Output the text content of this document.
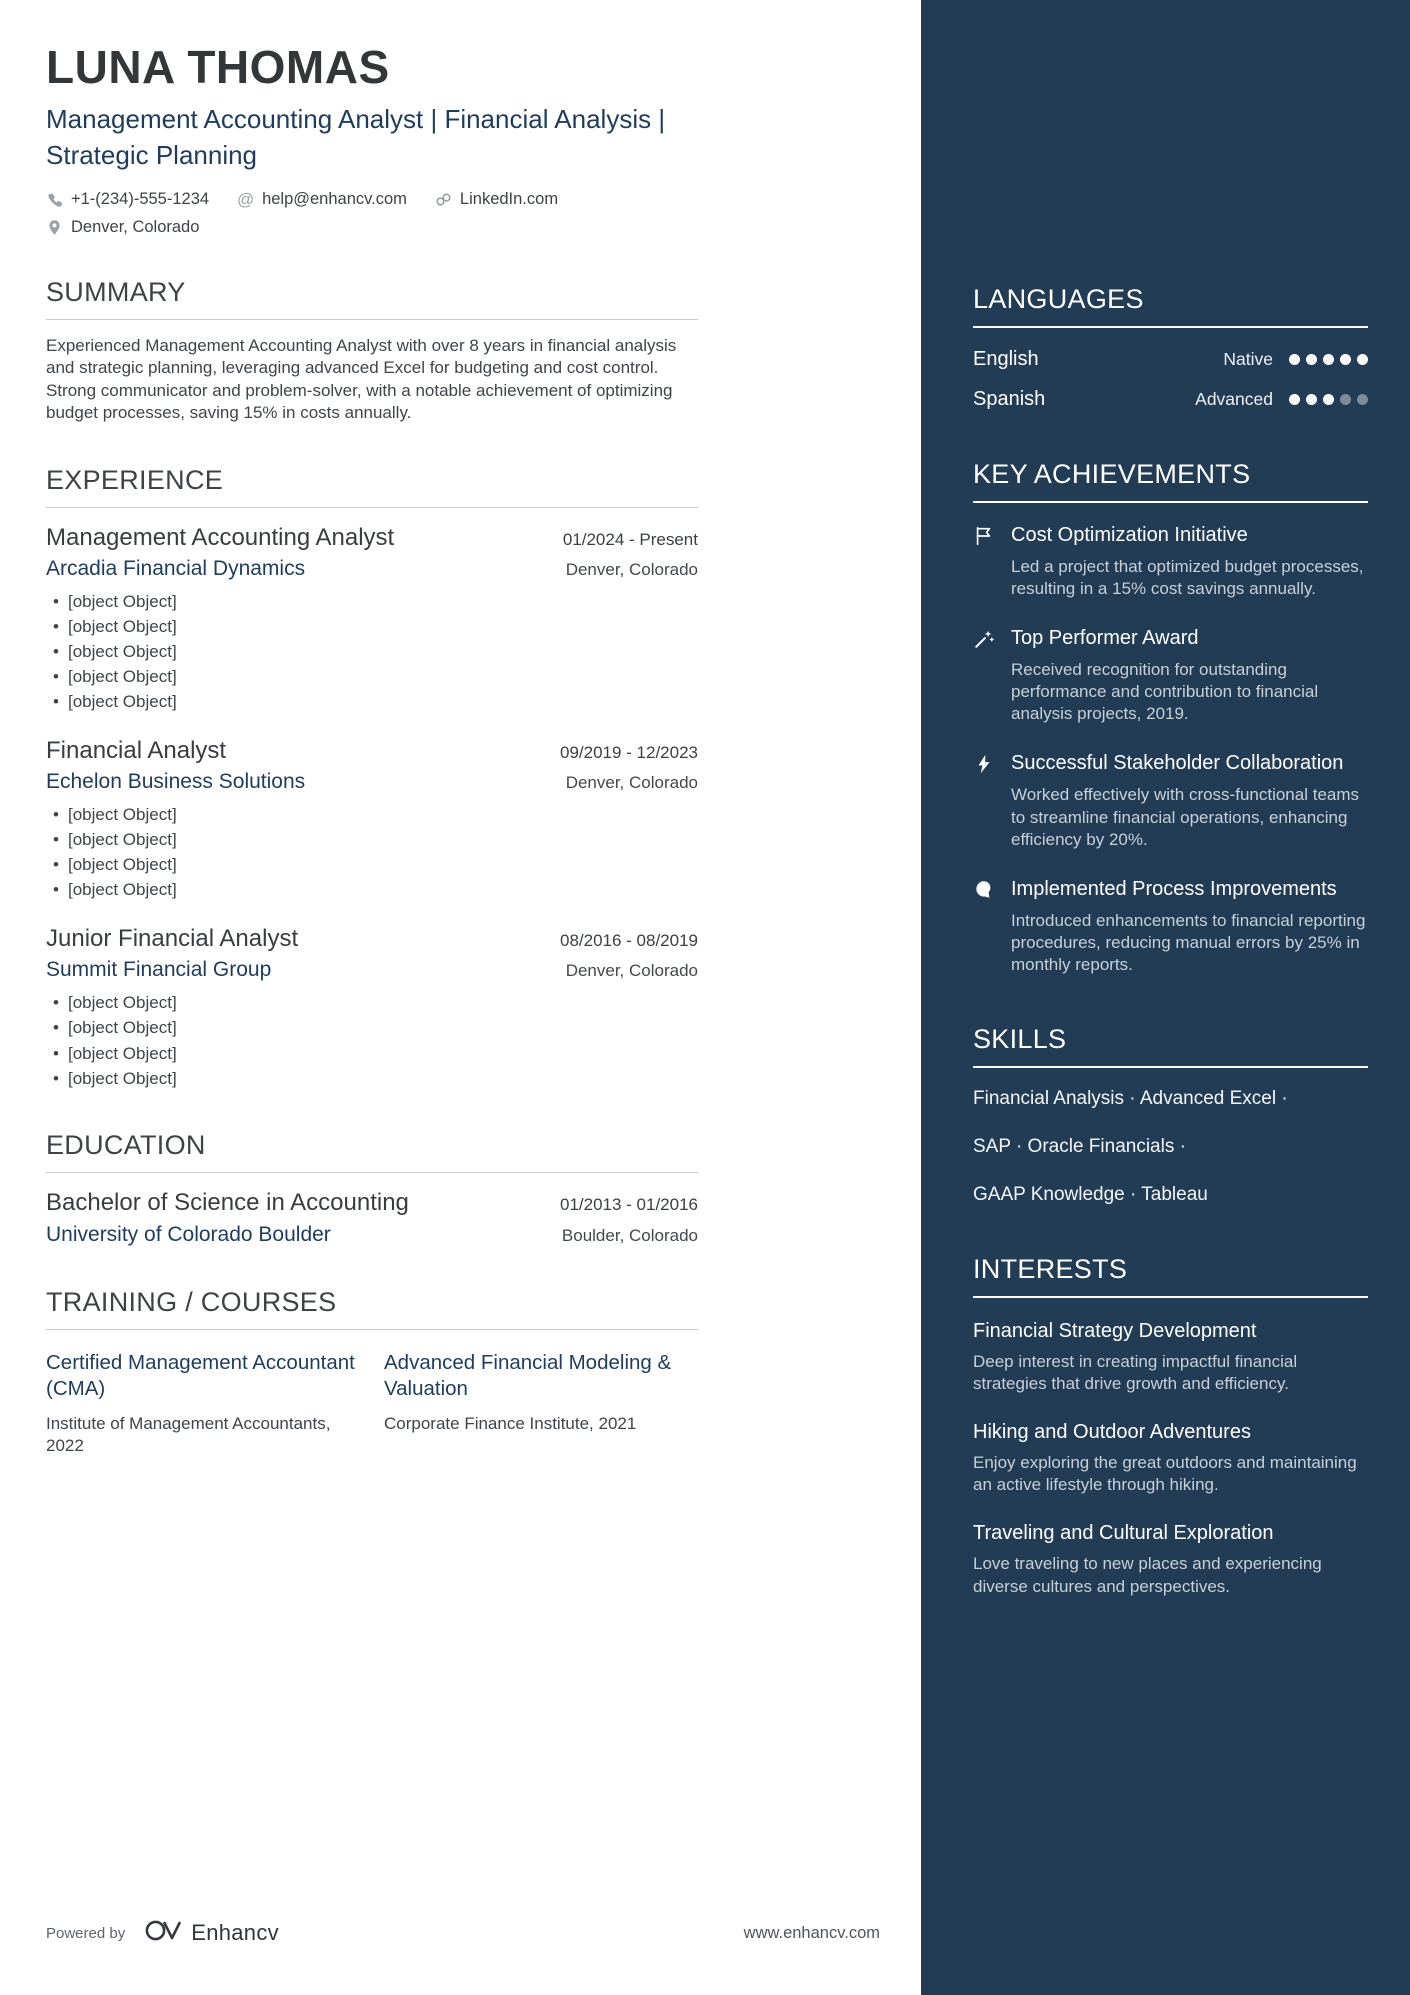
LUNA THOMAS
Management Accounting Analyst | Financial Analysis | Strategic Planning
+1-(234)-555-1234 @ help@enhancv.com	LinkedIn.com
Denver, Colorado
SUMMARY

Experienced Management Accounting Analyst with over 8 years in financial analysis and strategic planning, leveraging advanced Excel for budgeting and cost control. Strong communicator and problem-solver, with a notable achievement of optimizing budget processes, saving 15% in costs annually.

EXPERIENCE
Management Accounting Analyst	01/2024 - Present
Arcadia Financial Dynamics	Denver, Colorado
• [object Object]
• [object Object]
• [object Object]
• [object Object]
• [object Object]
Financial Analyst	09/2019 - 12/2023
Echelon Business Solutions	Denver, Colorado
• [object Object]
• [object Object]
• [object Object]
• [object Object]
Junior Financial Analyst	08/2016 - 08/2019
Summit Financial Group	Denver, Colorado
• [object Object]
• [object Object]
• [object Object]
• [object Object]
EDUCATION
Bachelor of Science in Accounting	01/2013 - 01/2016
University of Colorado Boulder	Boulder, Colorado
TRAINING / COURSES
Certified Management Accountant (CMA)
Institute of Management Accountants, 2022
Advanced Financial Modeling & Valuation
Corporate Finance Institute, 2021
LANGUAGES
English	Native
Spanish	Advanced
KEY ACHIEVEMENTS
Cost Optimization Initiative
Led a project that optimized budget processes, resulting in a 15% cost savings annually.
Top Performer Award
Received recognition for outstanding performance and contribution to financial analysis projects, 2019.
Successful Stakeholder Collaboration
Worked effectively with cross-functional teams to streamline financial operations, enhancing efficiency by 20%.
Implemented Process Improvements
Introduced enhancements to financial reporting procedures, reducing manual errors by 25% in monthly reports.
SKILLS
Financial Analysis · Advanced Excel ·
SAP · Oracle Financials ·
GAAP Knowledge · Tableau
INTERESTS
Financial Strategy Development
Deep interest in creating impactful financial strategies that drive growth and efficiency.
Hiking and Outdoor Adventures
Enjoy exploring the great outdoors and maintaining an active lifestyle through hiking.
Traveling and Cultural Exploration
Love traveling to new places and experiencing diverse cultures and perspectives.
Powered by	Enhancv	www.enhancv.com
